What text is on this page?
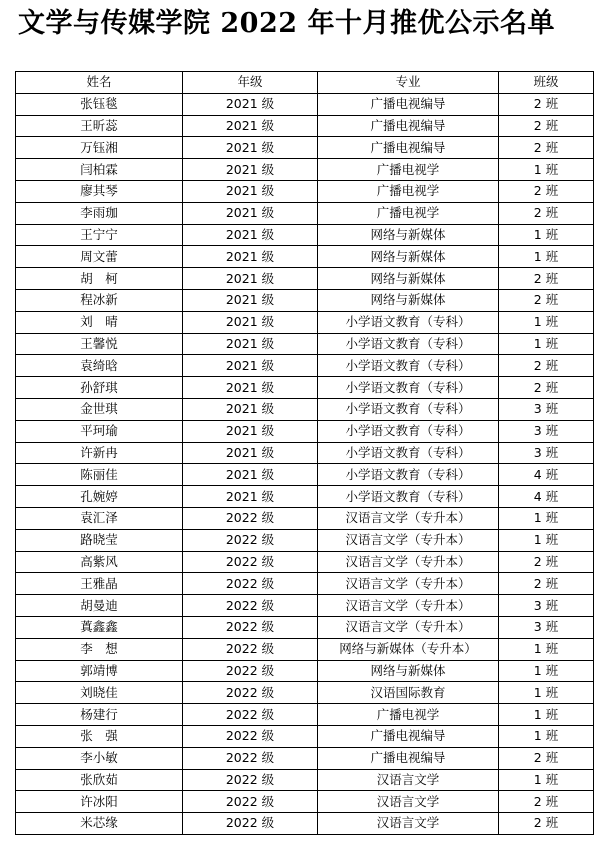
文学与传媒学院 2022 年十月推优公示名单
姓名	年级	专业	班级
张钰毯	2021 级	广播电视编导	2 班
王昕蕊	2021 级	广播电视编导	2 班
万钰湘	2021 级	广播电视编导	2 班
闫柏霖	2021 级	广播电视学	1 班
廖其琴	2021 级	广播电视学	2 班
李雨珈	2021 级	广播电视学	2 班
王宁宁	2021 级	网络与新媒体	1 班
周文蕾	2021 级	网络与新媒体	1 班
胡　柯	2021 级	网络与新媒体	2 班
程冰新	2021 级	网络与新媒体	2 班
刘　晴	2021 级	小学语文教育（专科）	1 班
王馨悦	2021 级	小学语文教育（专科）	1 班
袁绮晗	2021 级	小学语文教育（专科）	2 班
孙舒琪	2021 级	小学语文教育（专科）	2 班
金世琪	2021 级	小学语文教育（专科）	3 班
平珂瑜	2021 级	小学语文教育（专科）	3 班
许新冉	2021 级	小学语文教育（专科）	3 班
陈丽佳	2021 级	小学语文教育（专科）	4 班
孔婉婷	2021 级	小学语文教育（专科）	4 班
袁汇泽	2022 级	汉语言文学（专升本）	1 班
路晓莹	2022 级	汉语言文学（专升本）	1 班
高紫风	2022 级	汉语言文学（专升本）	2 班
王雅晶	2022 级	汉语言文学（专升本）	2 班
胡曼迪	2022 级	汉语言文学（专升本）	3 班
蒖鑫鑫	2022 级	汉语言文学（专升本）	3 班
李　想	2022 级	网络与新媒体（专升本）	1 班
郭靖博	2022 级	网络与新媒体	1 班
刘晓佳	2022 级	汉语国际教育	1 班
杨建行	2022 级	广播电视学	1 班
张　强	2022 级	广播电视编导	1 班
李小敏	2022 级	广播电视编导	2 班
张欣茹	2022 级	汉语言文学	1 班
许冰阳	2022 级	汉语言文学	2 班
米芯缘	2022 级	汉语言文学	2 班
